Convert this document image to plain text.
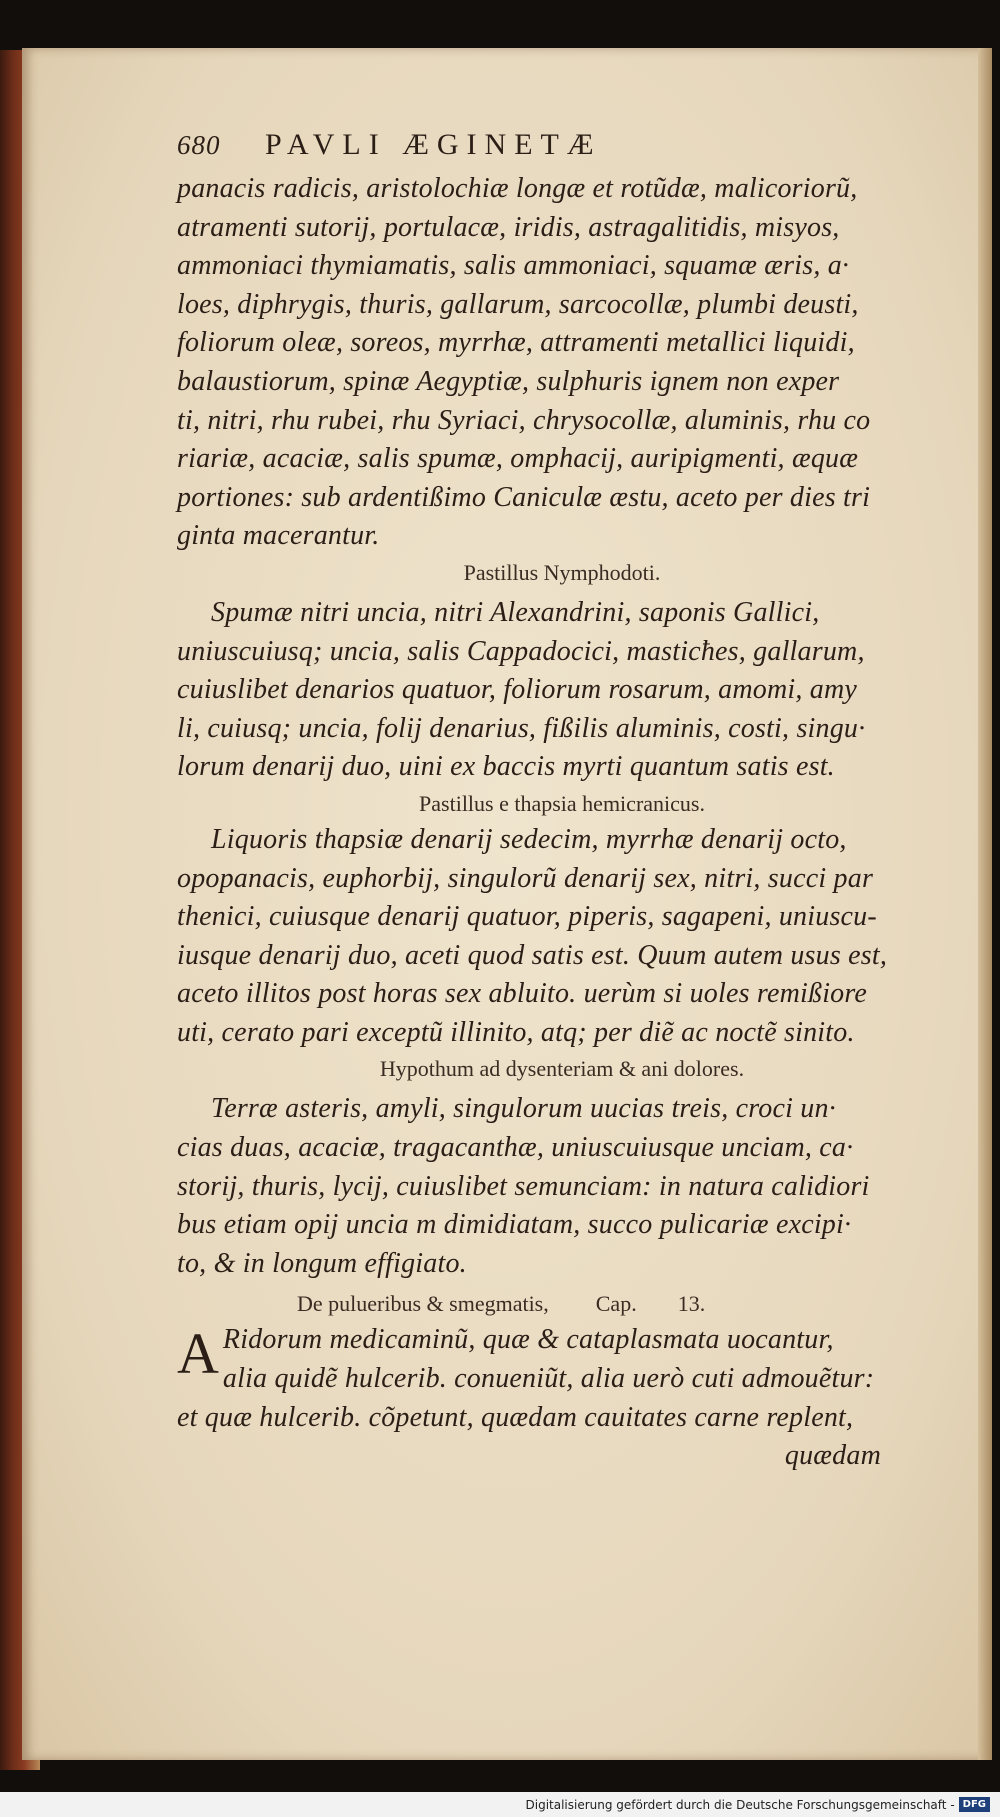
680	PAVLI ÆGINETÆ
panacis radicis, aristolochiæ longæ et rotũdæ, malicoriorũ,
atramenti sutorij, portulacæ, iridis, astragalitidis, misyos,
ammoniaci thymiamatis, salis ammoniaci, squamæ æris, a∙
loes, diphrygis, thuris, gallarum, sarcocollæ, plumbi deusti,
foliorum oleæ, soreos, myrrhæ, attramenti metallici liquidi,
balaustiorum, spinæ Aegyptiæ, sulphuris ignem non exper
ti, nitri, rhu rubei, rhu Syriaci, chrysocollæ, aluminis, rhu co
riariæ, acaciæ, salis spumæ, omphacij, auripigmenti, æquæ
portiones: sub ardentißimo Caniculæ æstu, aceto per dies tri
ginta macerantur.
Pastillus Nymphodoti.
Spumæ nitri uncia, nitri Alexandrini, saponis Gallici,
uniuscuiusq; uncia, salis Cappadocici, masticħes, gallarum,
cuiuslibet denarios quatuor, foliorum rosarum, amomi, amy
li, cuiusq; uncia, folij denarius, fißilis aluminis, costi, singu∙
lorum denarij duo, uini ex baccis myrti quantum satis est.
Pastillus e thapsia hemicranicus.
Liquoris thapsiæ denarij sedecim, myrrhæ denarij octo,
opopanacis, euphorbij, singulorũ denarij sex, nitri, succi par
thenici, cuiusque denarij quatuor, piperis, sagapeni, uniuscu-
iusque denarij duo, aceti quod satis est. Quum autem usus est,
aceto illitos post horas sex abluito. uerùm si uoles remißiore
uti, cerato pari exceptũ illinito, atq; per diẽ ac noctẽ sinito.
Hypothum ad dysenteriam & ani dolores.
Terræ asteris, amyli, singulorum uucias treis, croci un∙
cias duas, acaciæ, tragacanthæ, uniuscuiusque unciam, ca∙
storij, thuris, lycij, cuiuslibet semunciam: in natura calidiori
bus etiam opij uncia m dimidiatam, succo pulicariæ excipi∙
to, & in longum effigiato.
De pulueribus & smegmatis, Cap. 13.
A Ridorum medicaminũ, quæ & cataplasmata uocantur,
alia quidẽ hulcerib. conueniũt, alia uerò cuti admouẽtur:
et quæ hulcerib. cõpetunt, quædam cauitates carne replent,
quædam
Digitalisierung gefördert durch die Deutsche Forschungsgemeinschaft - DFG
